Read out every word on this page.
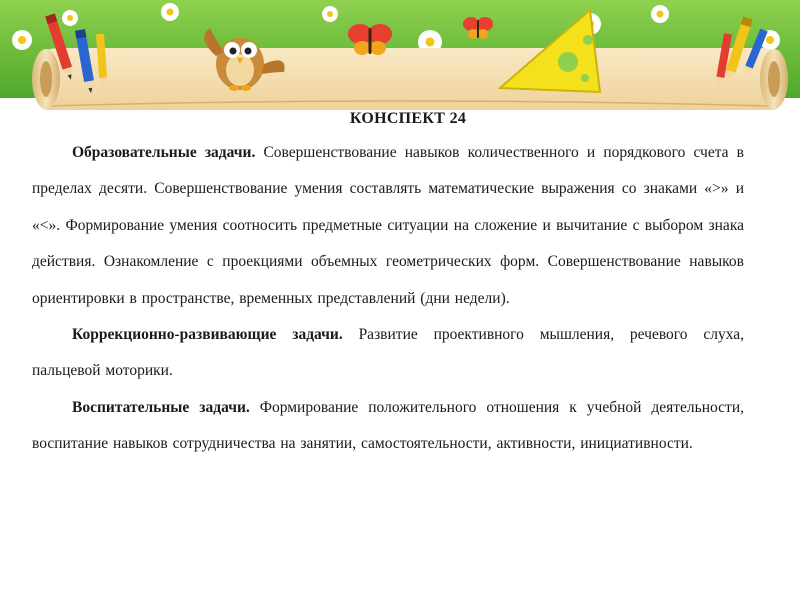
КОНСПЕКТ 24

Образовательные задачи. Совершенствование навыков количественного и порядкового счета в пределах десяти. Совершенствование умения составлять математические выражения со знаками «>» и «<». Формирование умения соотносить предметные ситуации на сложение и вычитание с выбором знака действия. Ознакомление с проекциями объемных геометрических форм. Совершенствование навыков ориентировки в пространстве, временных представлений (дни недели).

Коррекционно-развивающие задачи. Развитие проективного мышления, речевого слуха, пальцевой моторики.

Воспитательные задачи. Формирование положительного отношения к учебной деятельности, воспитание навыков сотрудничества на занятии, самостоятельности, активности, инициативности.
